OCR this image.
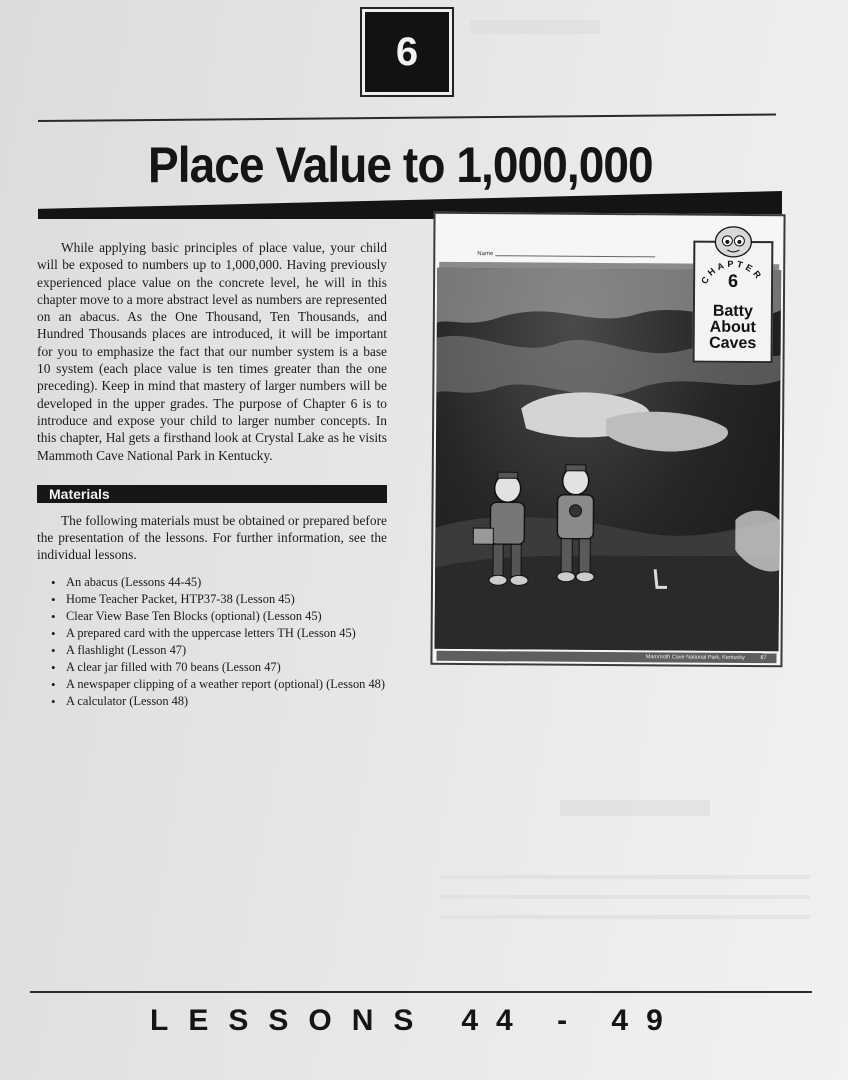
6
Place Value to 1,000,000

While applying basic principles of place value, your child will be exposed to numbers up to 1,000,000. Having previously experienced place value on the concrete level, he will in this chapter move to a more abstract level as numbers are represented on an abacus. As the One Thousand, Ten Thousands, and Hundred Thousands places are introduced, it will be important for you to emphasize the fact that our number system is a base 10 system (each place value is ten times greater than the one preceding). Keep in mind that mastery of larger numbers will be developed in the upper grades. The purpose of Chapter 6 is to introduce and expose your child to larger number concepts. In this chapter, Hal gets a firsthand look at Crystal Lake as he visits Mammoth Cave National Park in Kentucky.

Materials

The following materials must be obtained or prepared before the presentation of the lessons. For further information, see the individual lessons.

• An abacus (Lessons 44-45)
• Home Teacher Packet, HTP37-38 (Lesson 45)
• Clear View Base Ten Blocks (optional) (Lesson 45)
• A prepared card with the uppercase letters TH (Lesson 45)
• A flashlight (Lesson 47)
• A clear jar filled with 70 beans (Lesson 47)
• A newspaper clipping of a weather report (optional) (Lesson 48)
• A calculator (Lesson 48)
Name
CHAPTER
6
Batty
About
Caves
Mammoth Cave National Park, Kentucky	87

LESSONS 44 - 49
